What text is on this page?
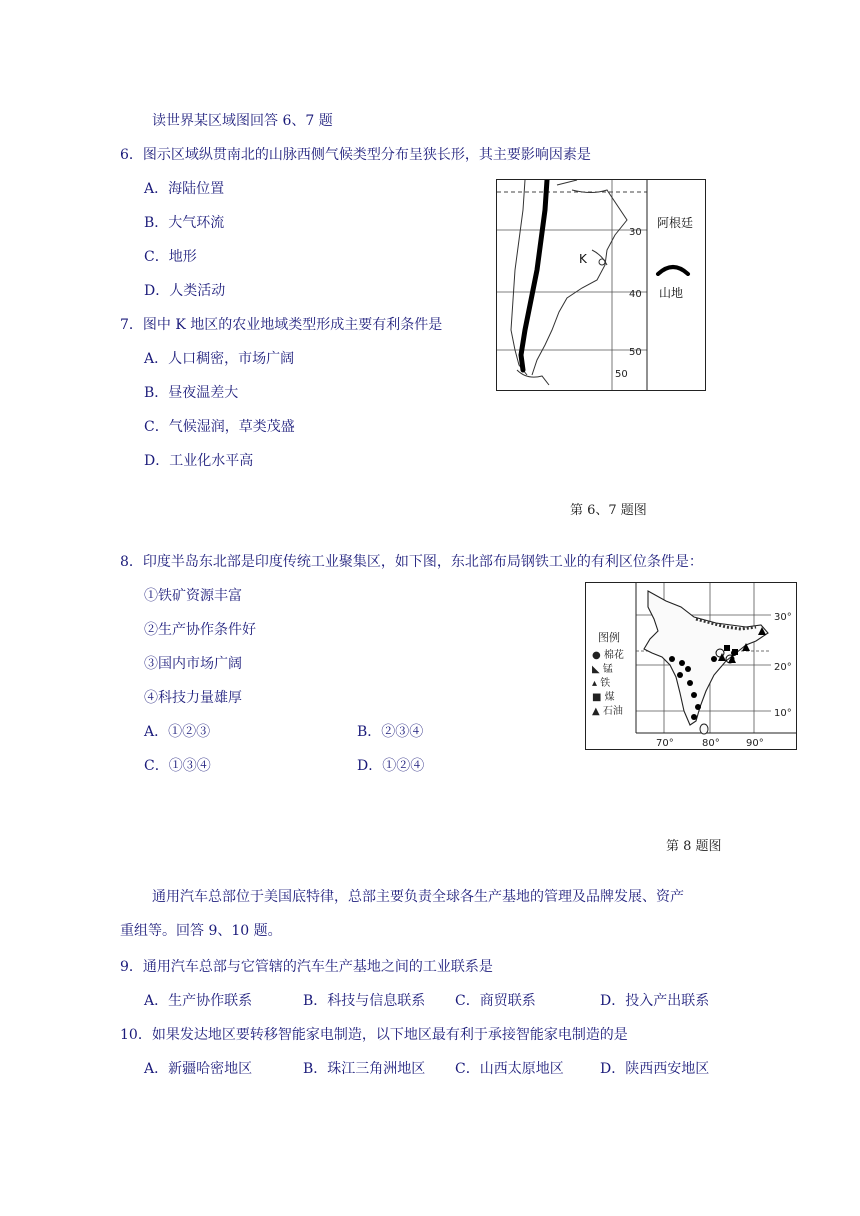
读世界某区域图回答 6、7 题
6．图示区域纵贯南北的山脉西侧气候类型分布呈狭长形，其主要影响因素是
A．海陆位置
B．大气环流
C．地形
D．人类活动
7．图中 K 地区的农业地域类型形成主要有利条件是
A．人口稠密，市场广阔
B．昼夜温差大
C．气候湿润，草类茂盛
D．工业化水平高
K
30
40
50
50
阿根廷
山地
第 6、7 题图
8．印度半岛东北部是印度传统工业聚集区，如下图，东北部布局钢铁工业的有利区位条件是：
①铁矿资源丰富
②生产协作条件好
③国内市场广阔
④科技力量雄厚
A．①②③	B．②③④
C．①③④	D．①②④
图例
● 棉花
◣ 锰
▴ 铁
■ 煤
▲ 石油
30°
20°
10°
70°	80°	90°
第 8 题图
通用汽车总部位于美国底特律，总部主要负责全球各生产基地的管理及品牌发展、资产
重组等。回答 9、10 题。
9．通用汽车总部与它管辖的汽车生产基地之间的工业联系是
A．生产协作联系	B．科技与信息联系 C．商贸联系	D．投入产出联系
10．如果发达地区要转移智能家电制造，以下地区最有利于承接智能家电制造的是
A．新疆哈密地区	B．珠江三角洲地区 C．山西太原地区	D．陕西西安地区
